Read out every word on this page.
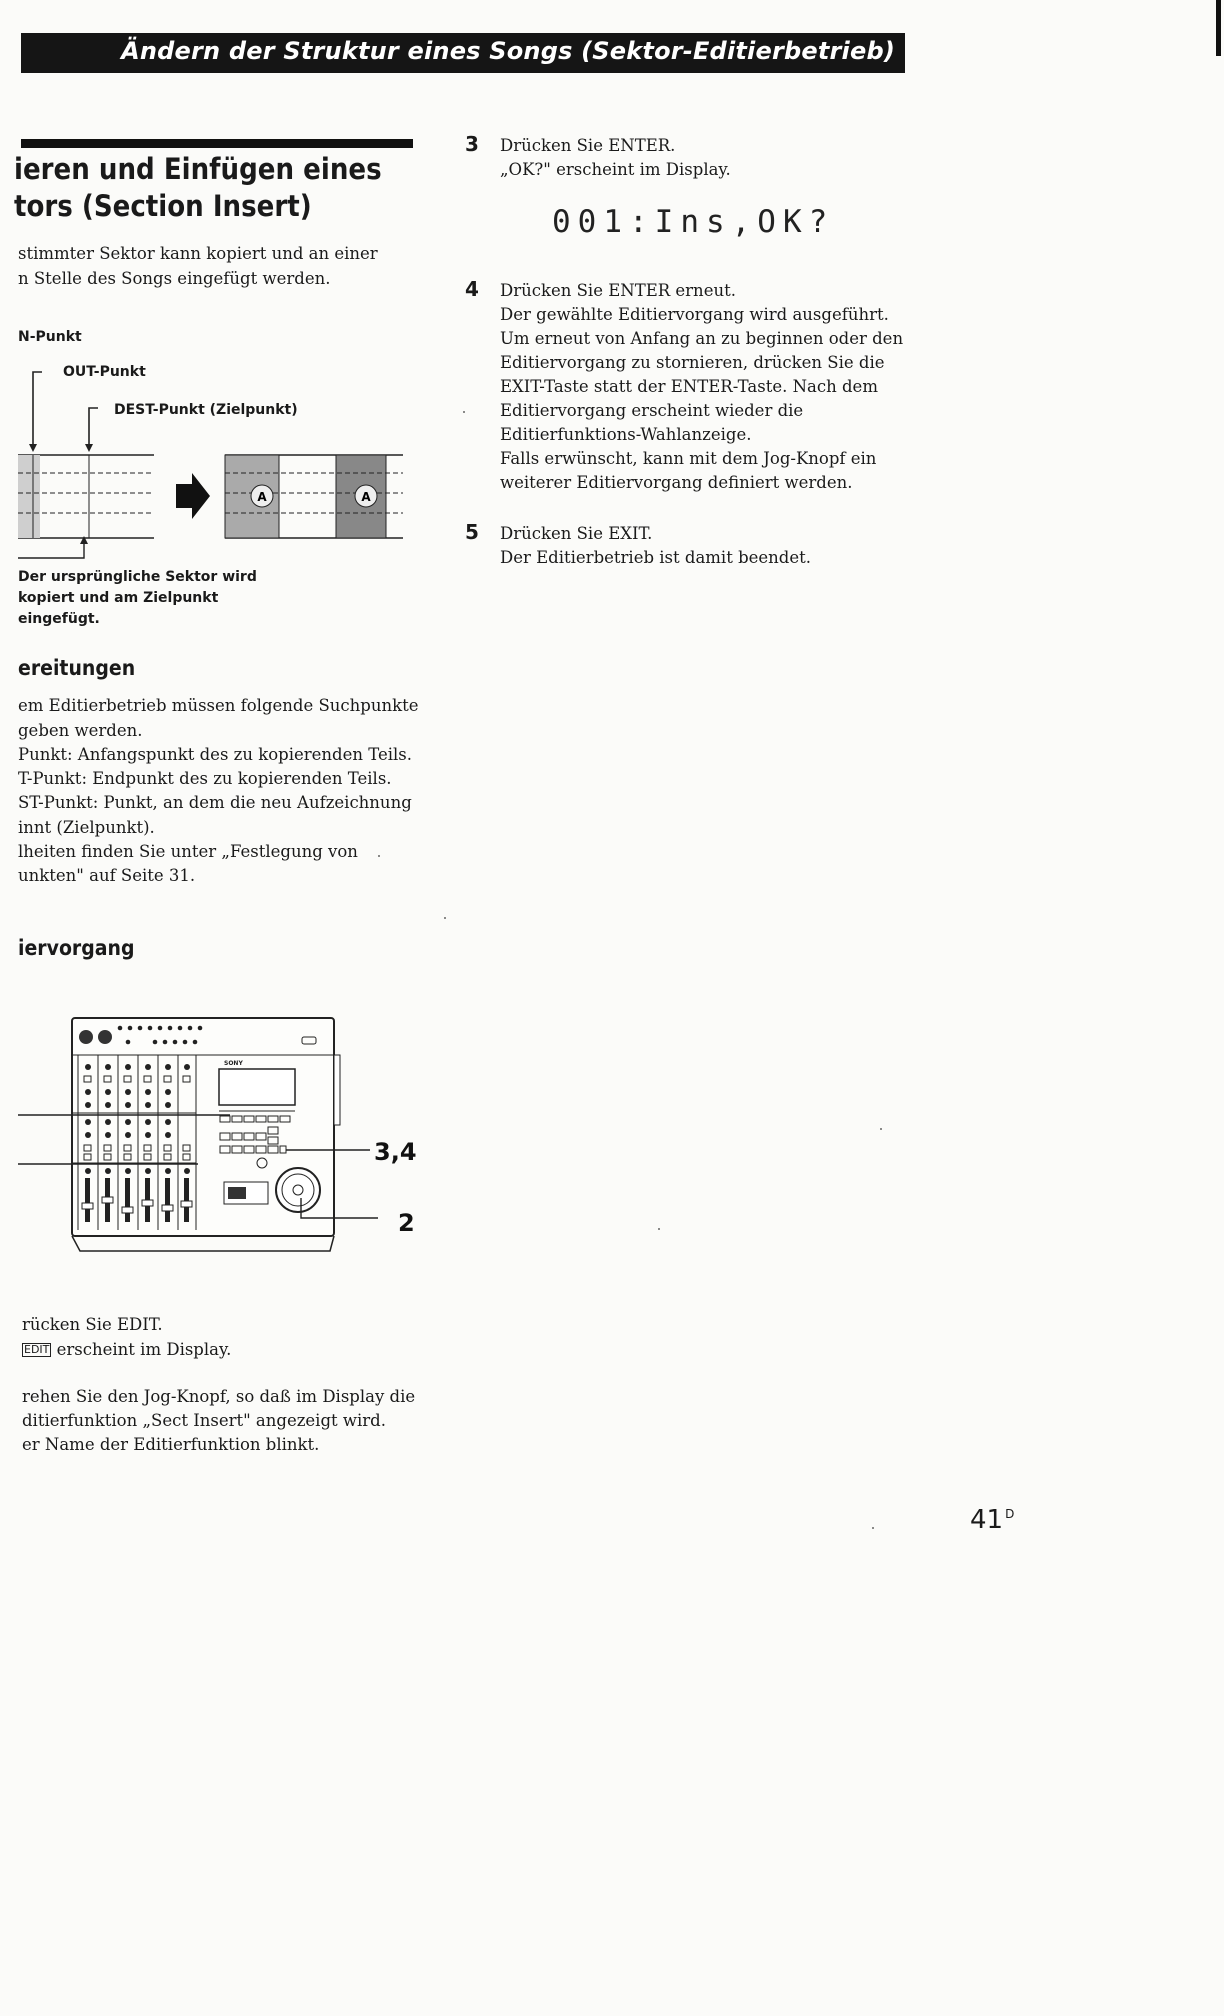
Ändern der Struktur eines Songs (Sektor-Editierbetrieb)
ieren und Einfügen eines
tors (Section Insert)
stimmter Sektor kann kopiert und an einer
n Stelle des Songs eingefügt werden.
N-Punkt
OUT-Punkt
DEST-Punkt (Zielpunkt)
A	A
Der ursprüngliche Sektor wird
kopiert und am Zielpunkt
eingefügt.
ereitungen
em Editierbetrieb müssen folgende Suchpunkte
geben werden.
Punkt: Anfangspunkt des zu kopierenden Teils.
T-Punkt: Endpunkt des zu kopierenden Teils.
ST-Punkt: Punkt, an dem die neu Aufzeichnung
innt (Zielpunkt).
lheiten finden Sie unter „Festlegung von
unkten" auf Seite 31.
iervorgang
SONY
3,4
2
rücken Sie EDIT.
EDIT erscheint im Display.
rehen Sie den Jog-Knopf, so daß im Display die
ditierfunktion „Sect Insert" angezeigt wird.
er Name der Editierfunktion blinkt.
3 Drücken Sie ENTER.
„OK?" erscheint im Display.
001:Ins,OK?
4 Drücken Sie ENTER erneut.
Der gewählte Editiervorgang wird ausgeführt.
Um erneut von Anfang an zu beginnen oder den
Editiervorgang zu stornieren, drücken Sie die
EXIT-Taste statt der ENTER-Taste. Nach dem
Editiervorgang erscheint wieder die
Editierfunktions-Wahlanzeige.
Falls erwünscht, kann mit dem Jog-Knopf ein
weiterer Editiervorgang definiert werden.
5 Drücken Sie EXIT.
Der Editierbetrieb ist damit beendet.
41 $^D$
